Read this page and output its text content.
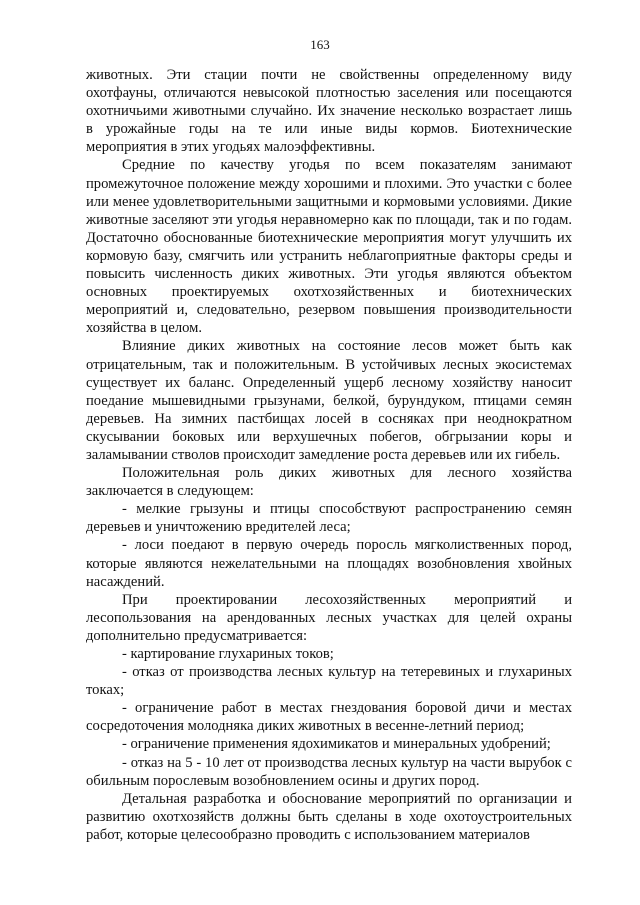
163

животных. Эти стации почти не свойственны определенному виду охотфауны, отличаются невысокой плотностью заселения или посещаются охотничьими животными случайно. Их значение несколько возрастает лишь в урожайные годы на те или иные виды кормов. Биотехнические мероприятия в этих угодьях малоэффективны.

Средние по качеству угодья по всем показателям занимают промежуточное положение между хорошими и плохими. Это участки с более или менее удовлетворительными защитными и кормовыми условиями. Дикие животные заселяют эти угодья неравномерно как по площади, так и по годам. Достаточно обоснованные биотехнические мероприятия могут улучшить их кормовую базу, смягчить или устранить неблагоприятные факторы среды и повысить численность диких животных. Эти угодья являются объектом основных проектируемых охотхозяйственных и биотехнических мероприятий и, следовательно, резервом повышения производительности хозяйства в целом.

Влияние диких животных на состояние лесов может быть как отрицательным, так и положительным. В устойчивых лесных экосистемах существует их баланс. Определенный ущерб лесному хозяйству наносит поедание мышевидными грызунами, белкой, бурундуком, птицами семян деревьев. На зимних пастбищах лосей в сосняках при неоднократном скусывании боковых или верхушечных побегов, обгрызании коры и заламывании стволов происходит замедление роста деревьев или их гибель.

Положительная роль диких животных для лесного хозяйства заключается в следующем:

- мелкие грызуны и птицы способствуют распространению семян деревьев и уничтожению вредителей леса;

- лоси поедают в первую очередь поросль мягколиственных пород, которые являются нежелательными на площадях возобновления хвойных насаждений.

При проектировании лесохозяйственных мероприятий и лесопользования на арендованных лесных участках для целей охраны дополнительно предусматривается:

- картирование глухариных токов;

- отказ от производства лесных культур на тетеревиных и глухариных токах;

- ограничение работ в местах гнездования боровой дичи и местах сосредоточения молодняка диких животных в весенне-летний период;

- ограничение применения ядохимикатов и минеральных удобрений;

- отказ на 5 - 10 лет от производства лесных культур на части вырубок с обильным порослевым возобновлением осины и других пород.

Детальная разработка и обоснование мероприятий по организации и развитию охотхозяйств должны быть сделаны в ходе охотоустроительных работ, которые целесообразно проводить с использованием материалов
